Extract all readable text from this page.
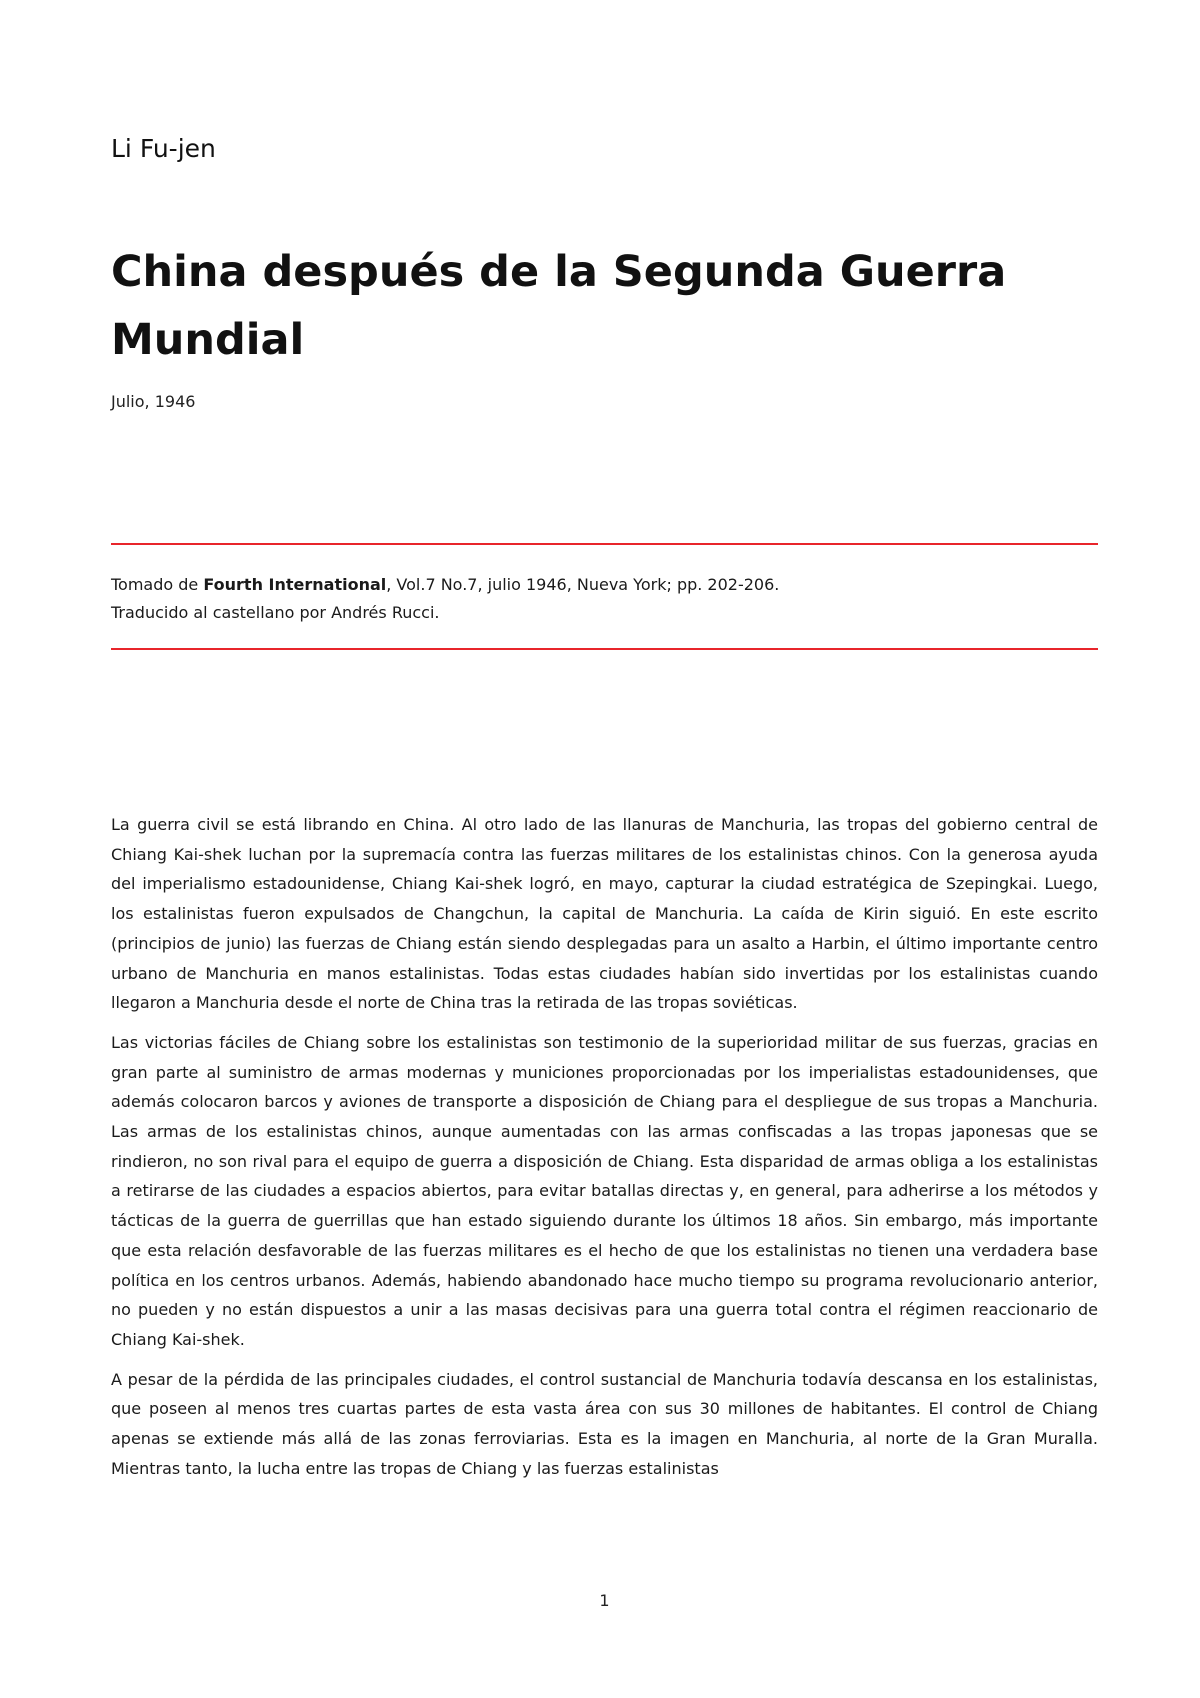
Li Fu-jen
China después de la Segunda Guerra Mundial
Julio, 1946
Tomado de Fourth International, Vol.7 No.7, julio 1946, Nueva York; pp. 202-206.
Traducido al castellano por Andrés Rucci.

La guerra civil se está librando en China. Al otro lado de las llanuras de Manchuria, las tropas del gobierno central de Chiang Kai-shek luchan por la supremacía contra las fuerzas militares de los estalinistas chinos. Con la generosa ayuda del imperialismo estadounidense, Chiang Kai-shek logró, en mayo, capturar la ciudad estratégica de Szepingkai. Luego, los estalinistas fueron expulsados de Changchun, la capital de Manchuria. La caída de Kirin siguió. En este escrito (principios de junio) las fuerzas de Chiang están siendo desplegadas para un asalto a Harbin, el último importante centro urbano de Manchuria en manos estalinistas. Todas estas ciudades habían sido invertidas por los estalinistas cuando llegaron a Manchuria desde el norte de China tras la retirada de las tropas soviéticas.

Las victorias fáciles de Chiang sobre los estalinistas son testimonio de la superioridad militar de sus fuerzas, gracias en gran parte al suministro de armas modernas y municiones proporcionadas por los imperialistas estadounidenses, que además colocaron barcos y aviones de transporte a disposición de Chiang para el despliegue de sus tropas a Manchuria. Las armas de los estalinistas chinos, aunque aumentadas con las armas confiscadas a las tropas japonesas que se rindieron, no son rival para el equipo de guerra a disposición de Chiang. Esta disparidad de armas obliga a los estalinistas a retirarse de las ciudades a espacios abiertos, para evitar batallas directas y, en general, para adherirse a los métodos y tácticas de la guerra de guerrillas que han estado siguiendo durante los últimos 18 años. Sin embargo, más importante que esta relación desfavorable de las fuerzas militares es el hecho de que los estalinistas no tienen una verdadera base política en los centros urbanos. Además, habiendo abandonado hace mucho tiempo su programa revolucionario anterior, no pueden y no están dispuestos a unir a las masas decisivas para una guerra total contra el régimen reaccionario de Chiang Kai-shek.

A pesar de la pérdida de las principales ciudades, el control sustancial de Manchuria todavía descansa en los estalinistas, que poseen al menos tres cuartas partes de esta vasta área con sus 30 millones de habitantes. El control de Chiang apenas se extiende más allá de las zonas ferroviarias. Esta es la imagen en Manchuria, al norte de la Gran Muralla. Mientras tanto, la lucha entre las tropas de Chiang y las fuerzas estalinistas

1
